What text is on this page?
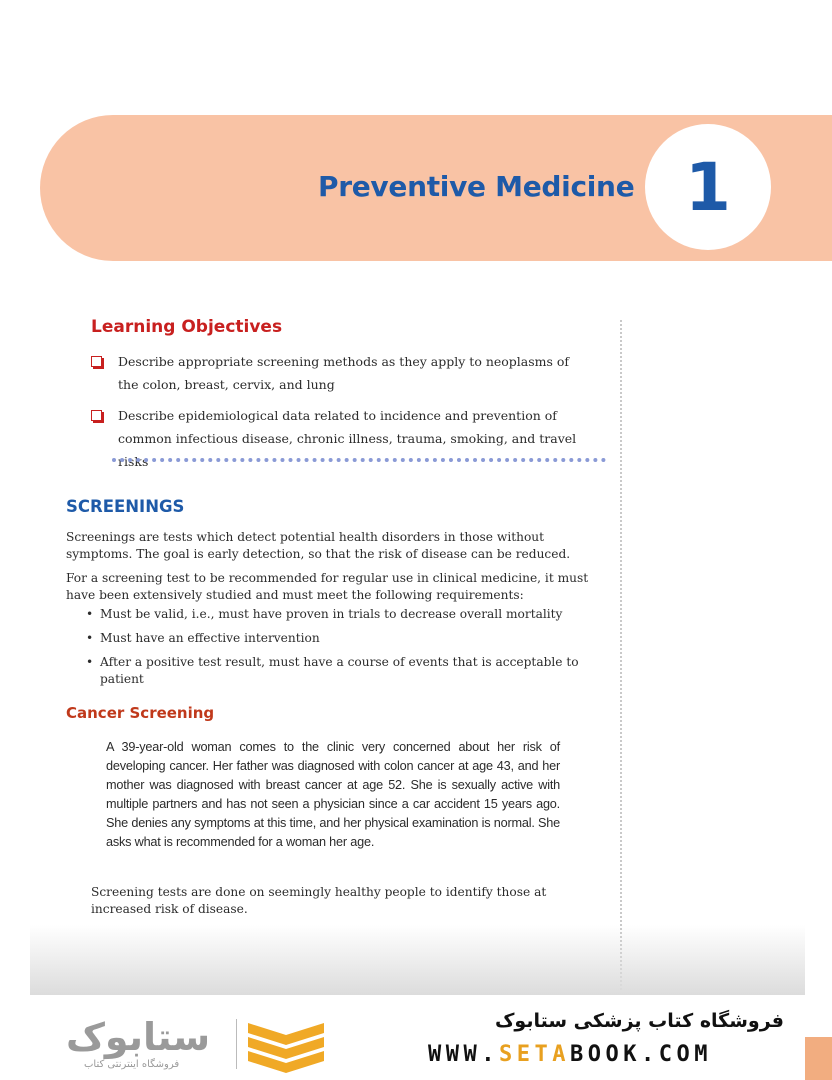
Preventive Medicine 1
Learning Objectives
Describe appropriate screening methods as they apply to neoplasms of the colon, breast, cervix, and lung
Describe epidemiological data related to incidence and prevention of common infectious disease, chronic illness, trauma, smoking, and travel risks
SCREENINGS

Screenings are tests which detect potential health disorders in those without symptoms. The goal is early detection, so that the risk of disease can be reduced.

For a screening test to be recommended for regular use in clinical medicine, it must have been extensively studied and must meet the following requirements:

• Must be valid, i.e., must have proven in trials to decrease overall mortality
• Must have an effective intervention
• After a positive test result, must have a course of events that is acceptable to patient
Cancer Screening

A 39-year-old woman comes to the clinic very concerned about her risk of developing cancer. Her father was diagnosed with colon cancer at age 43, and her mother was diagnosed with breast cancer at age 52. She is sexually active with multiple partners and has not seen a physician since a car accident 15 years ago. She denies any symptoms at this time, and her physical examination is normal. She asks what is recommended for a woman her age.

Screening tests are done on seemingly healthy people to identify those at increased risk of disease.

ستابوک
فروشگاه اینترنتی کتاب
فروشگاه کتاب پزشکی ستابوک
WWW.SETABOOK.COM
